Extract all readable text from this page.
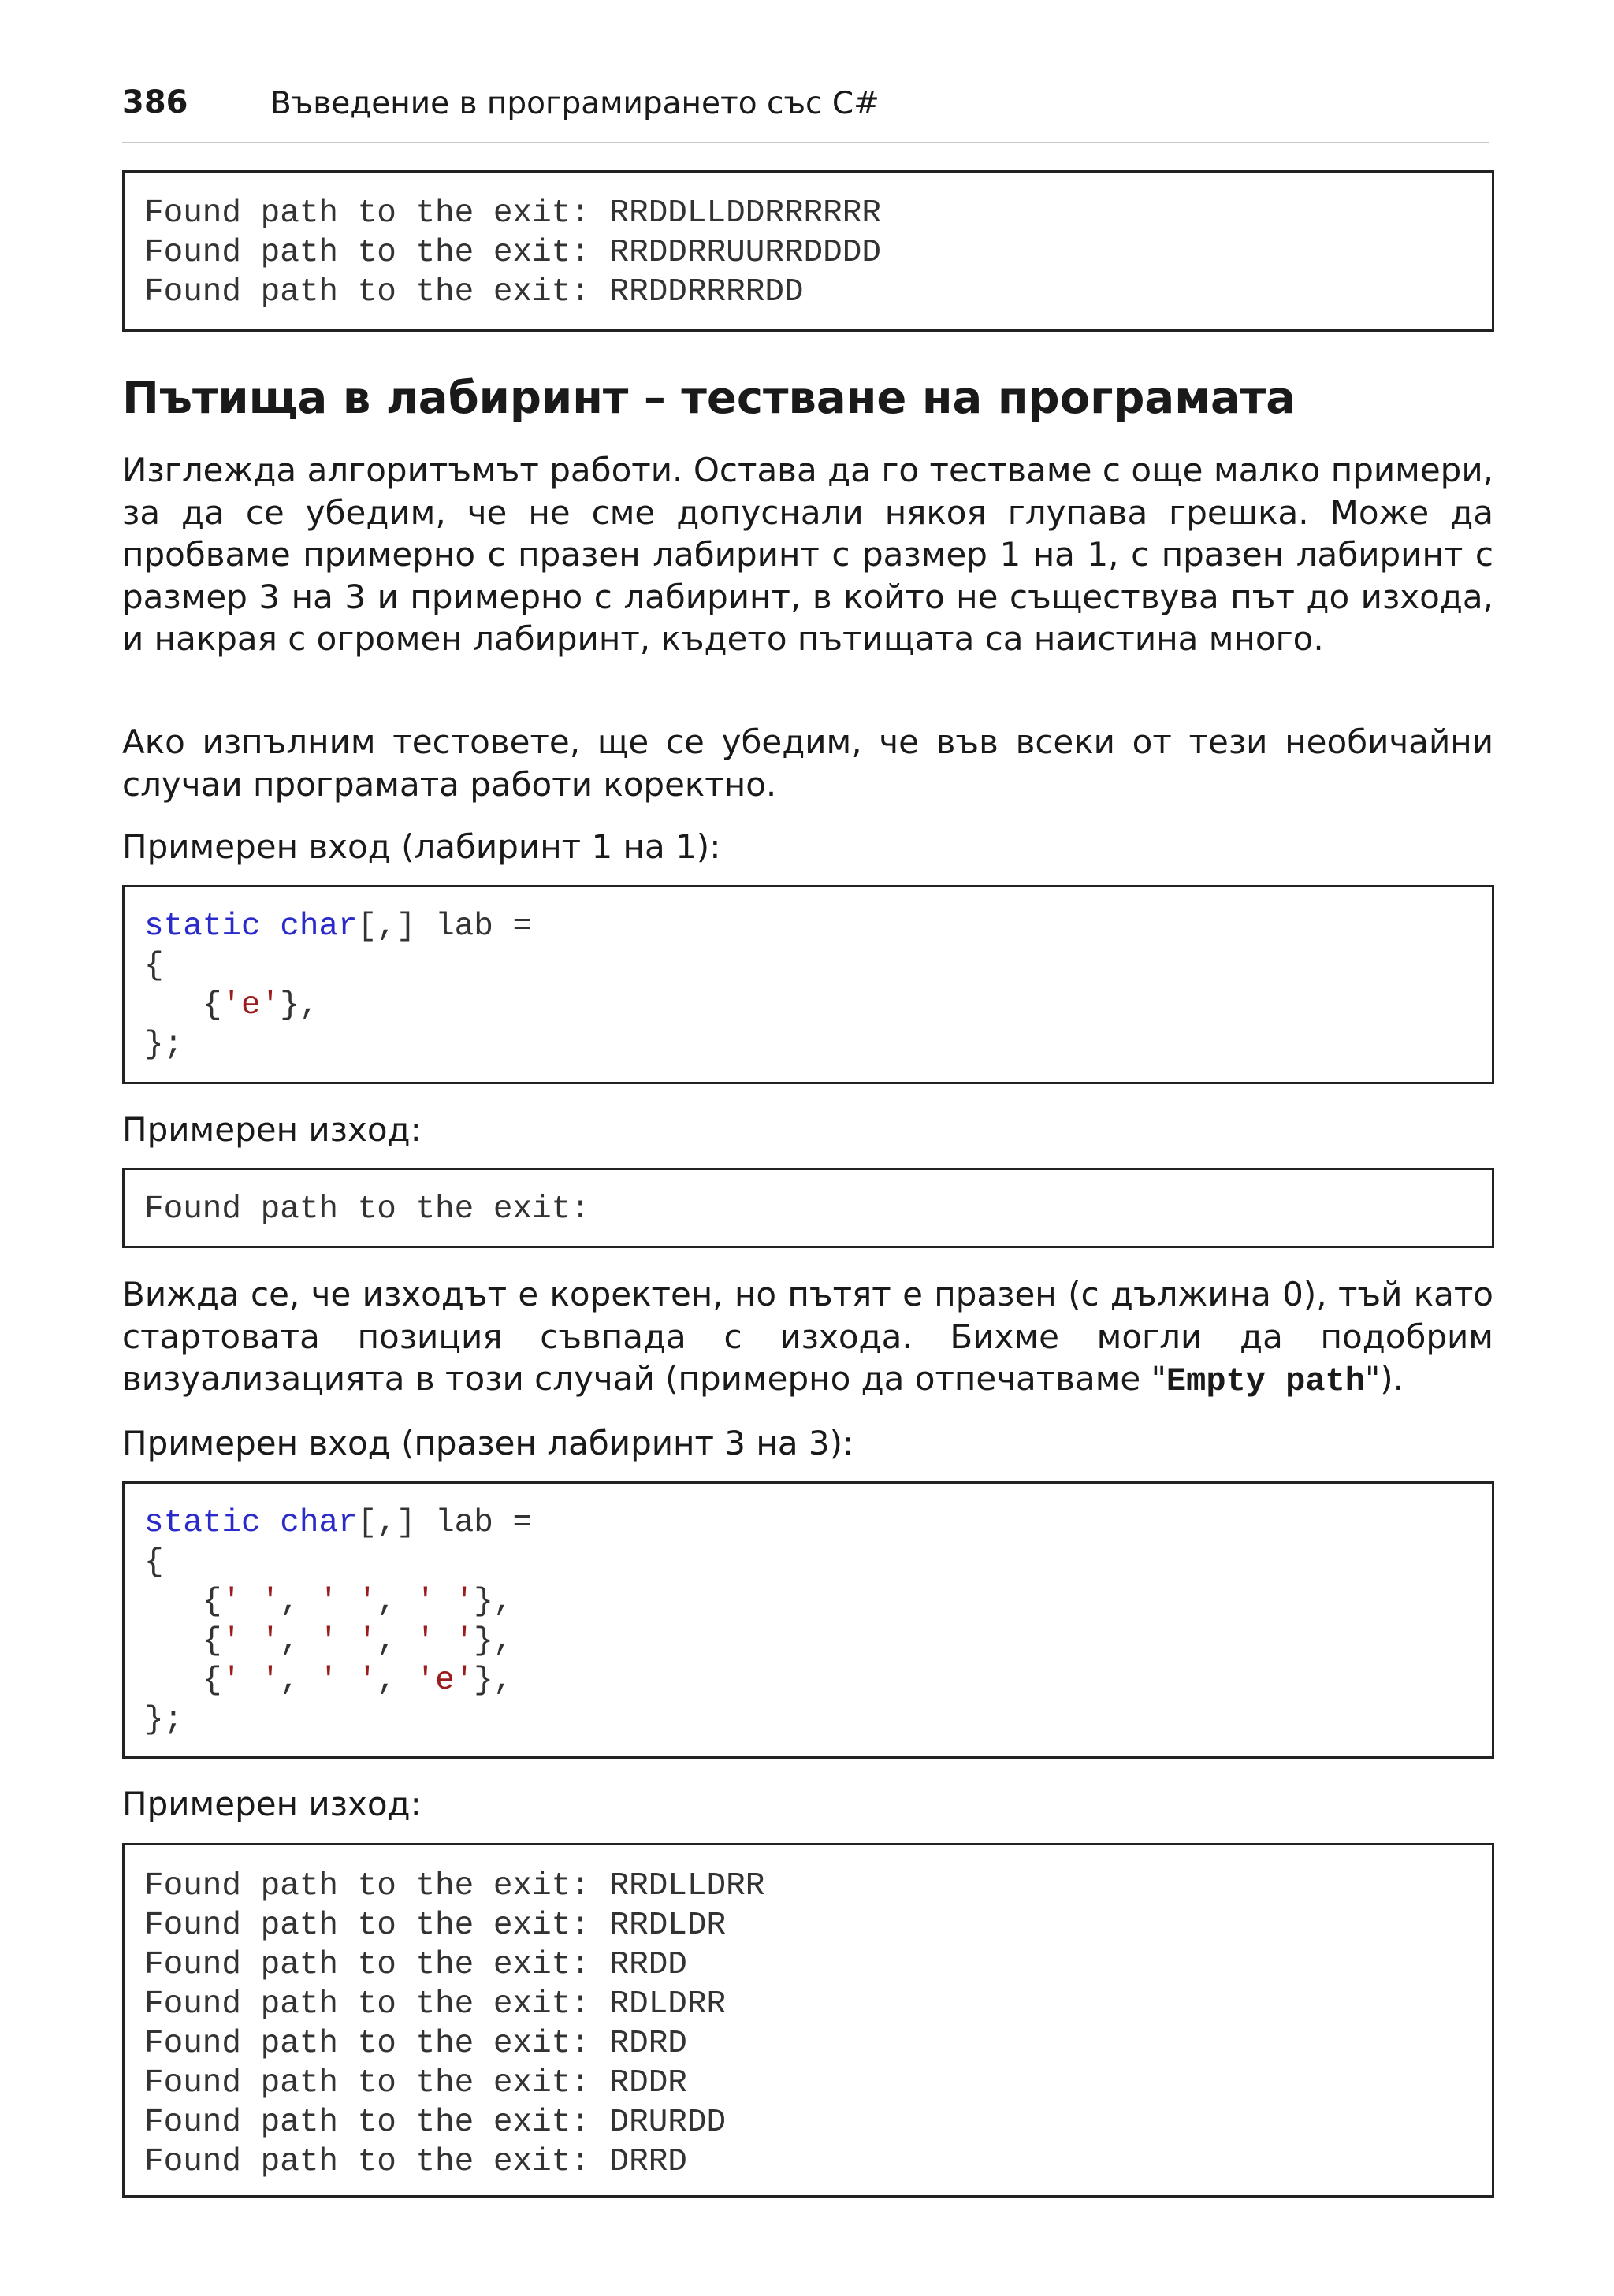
386	Въведение в програмирането със C#
Found path to the exit: RRDDLLDDRRRRRR
Found path to the exit: RRDDRRUURRDDDD
Found path to the exit: RRDDRRRRDD
Пътища в лабиринт – тестване на програмата

Изглежда алгоритъмът работи. Остава да го тестваме с още малко примери, за да се убедим, че не сме допуснали някоя глупава грешка. Може да пробваме примерно с празен лабиринт с размер 1 на 1, с празен лабиринт с размер 3 на 3 и примерно с лабиринт, в който не съществува път до изхода, и накрая с огромен лабиринт, където пътищата са наистина много.

Ако изпълним тестовете, ще се убедим, че във всеки от тези необичайни случаи програмата работи коректно.

Примерен вход (лабиринт 1 на 1):

static char[,] lab =
{
{'e'},
};

Примерен изход:

Found path to the exit:

Вижда се, че изходът е коректен, но пътят е празен (с дължина 0), тъй като стартовата позиция съвпада с изхода. Бихме могли да подобрим визуализацията в този случай (примерно да отпечатваме "Empty path").

Примерен вход (празен лабиринт 3 на 3):

static char[,] lab =
{
{' ', ' ', ' '},
{' ', ' ', ' '},
{' ', ' ', 'e'},
};

Примерен изход:

Found path to the exit: RRDLLDRR
Found path to the exit: RRDLDR
Found path to the exit: RRDD
Found path to the exit: RDLDRR
Found path to the exit: RDRD
Found path to the exit: RDDR
Found path to the exit: DRURDD
Found path to the exit: DRRD
